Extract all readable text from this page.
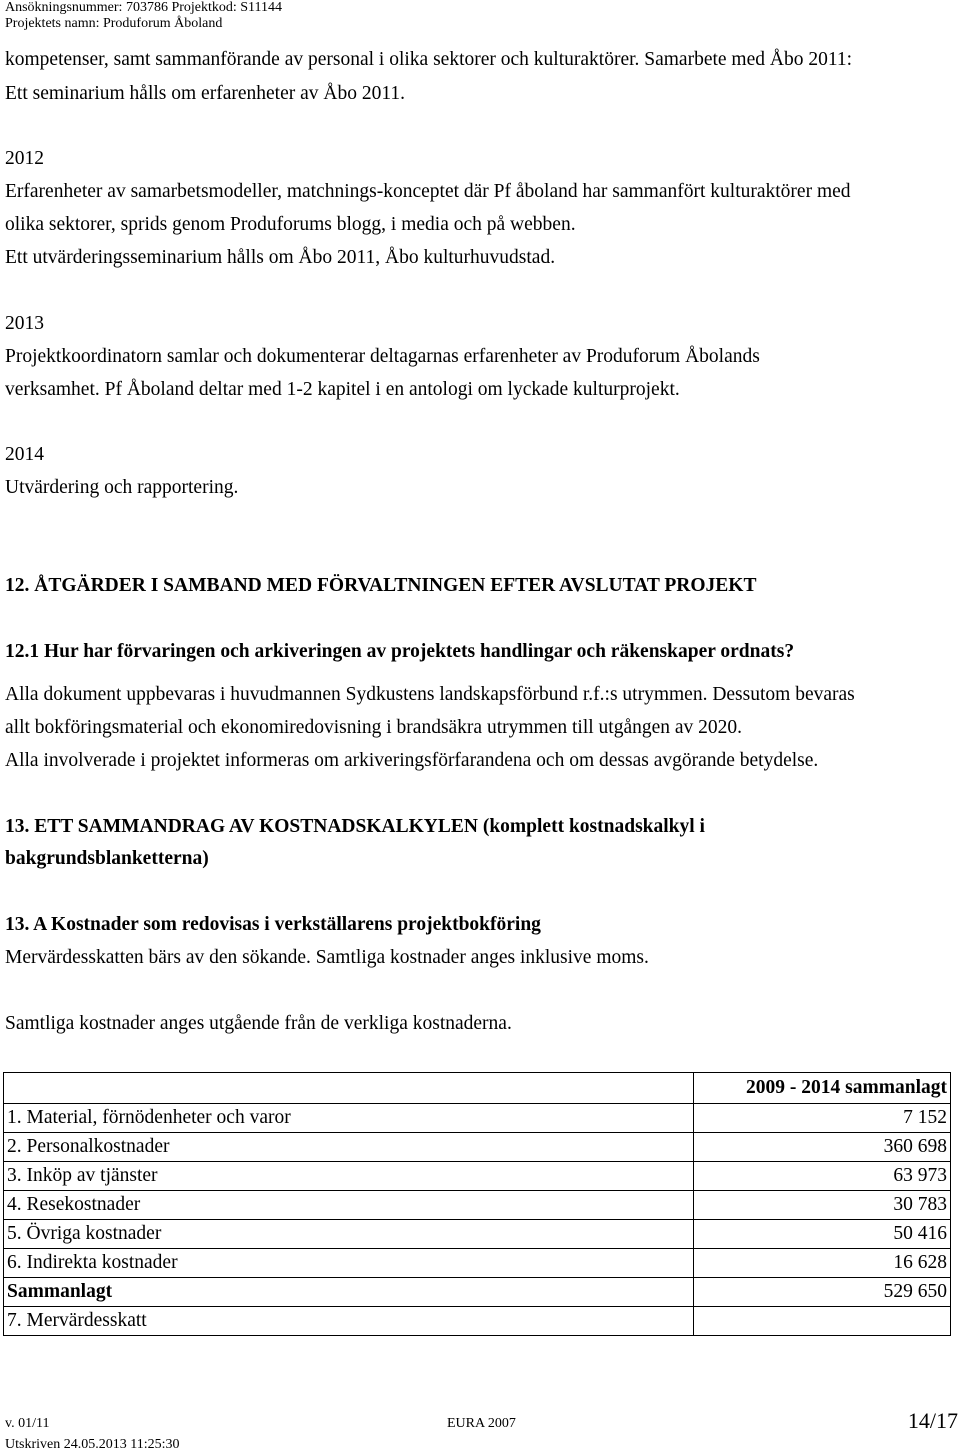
Ansökningsnummer: 703786 Projektkod: S11144
Projektets namn: Produforum Åboland
kompetenser, samt sammanförande av personal i olika sektorer och kulturaktörer. Samarbete med Åbo 2011:
Ett seminarium hålls om erfarenheter av Åbo 2011.
2012
Erfarenheter av samarbetsmodeller, matchnings-konceptet där Pf åboland har sammanfört kulturaktörer med
olika sektorer, sprids genom Produforums blogg, i media och på webben.
Ett utvärderingsseminarium hålls om Åbo 2011, Åbo kulturhuvudstad.
2013
Projektkoordinatorn samlar och dokumenterar deltagarnas erfarenheter av Produforum Åbolands
verksamhet. Pf Åboland deltar med 1-2 kapitel i en antologi om lyckade kulturprojekt.
2014
Utvärdering och rapportering.
12. ÅTGÄRDER I SAMBAND MED FÖRVALTNINGEN EFTER AVSLUTAT PROJEKT
12.1 Hur har förvaringen och arkiveringen av projektets handlingar och räkenskaper ordnats?
Alla dokument uppbevaras i huvudmannen Sydkustens landskapsförbund r.f.:s utrymmen. Dessutom bevaras
allt bokföringsmaterial och ekonomiredovisning i brandsäkra utrymmen till utgången av 2020.
Alla involverade i projektet informeras om arkiveringsförfarandena och om dessas avgörande betydelse.
13. ETT SAMMANDRAG AV KOSTNADSKALKYLEN (komplett kostnadskalkyl i
bakgrundsblanketterna)
13. A Kostnader som redovisas i verkställarens projektbokföring
Mervärdesskatten bärs av den sökande. Samtliga kostnader anges inklusive moms.
Samtliga kostnader anges utgående från de verkliga kostnaderna.
	2009 - 2014 sammanlagt
1. Material, förnödenheter och varor	7 152
2. Personalkostnader	360 698
3. Inköp av tjänster	63 973
4. Resekostnader	30 783
5. Övriga kostnader	50 416
6. Indirekta kostnader	16 628
Sammanlagt	529 650
7. Mervärdesskatt	
v. 01/11	EURA 2007	14/17
Utskriven 24.05.2013 11:25:30
